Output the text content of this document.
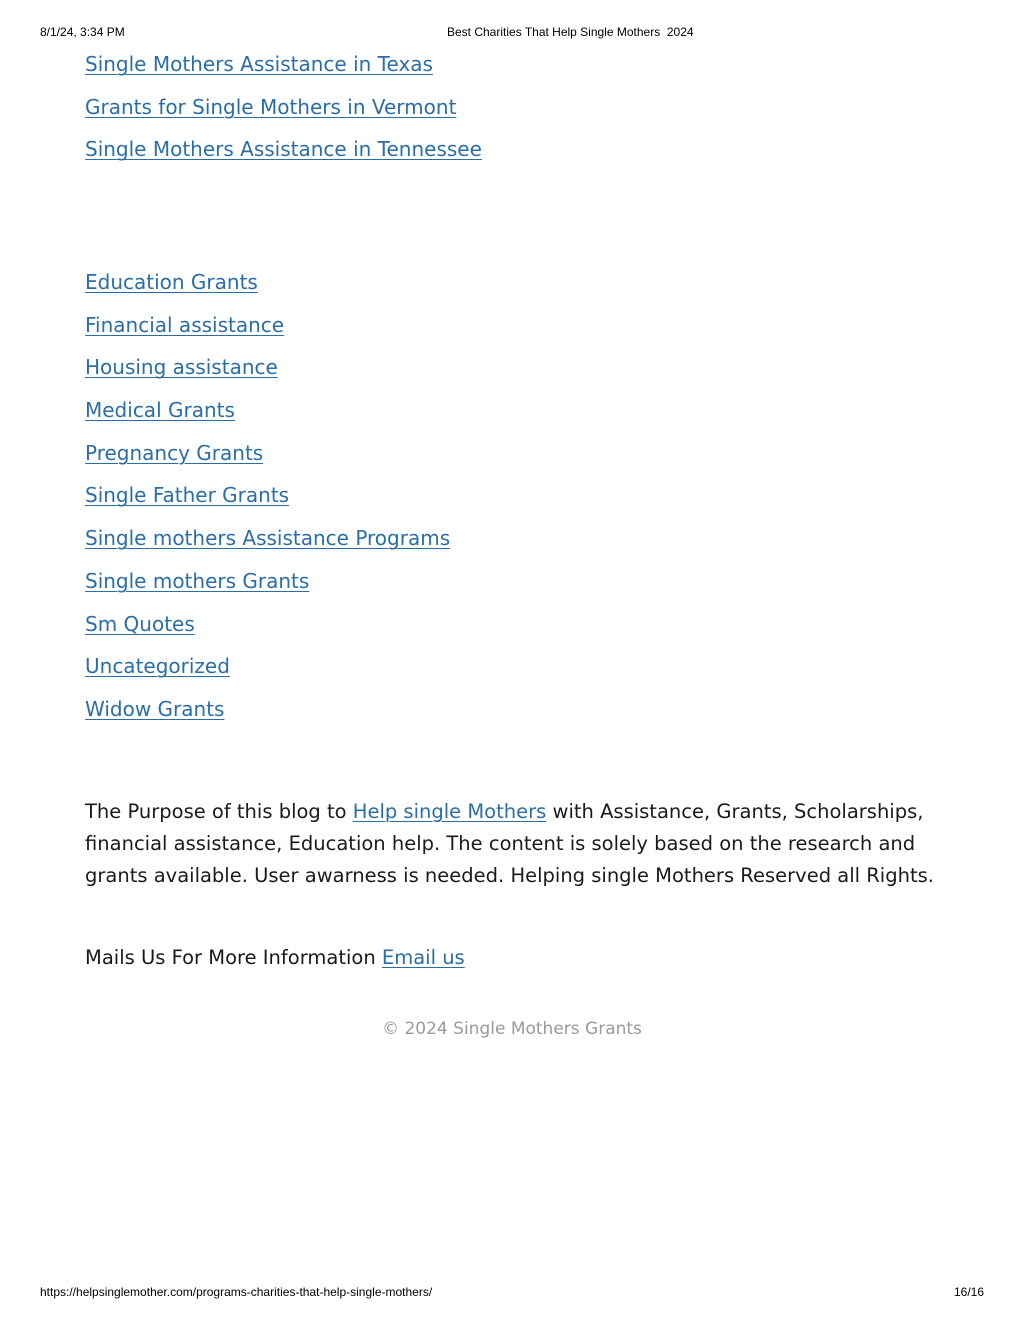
8/1/24, 3:34 PM	Best Charities That Help Single Mothers  2024
Single Mothers Assistance in Texas
Grants for Single Mothers in Vermont
Single Mothers Assistance in Tennessee
Education Grants
Financial assistance
Housing assistance
Medical Grants
Pregnancy Grants
Single Father Grants
Single mothers Assistance Programs
Single mothers Grants
Sm Quotes
Uncategorized
Widow Grants

The Purpose of this blog to Help single Mothers with Assistance, Grants, Scholarships, financial assistance, Education help. The content is solely based on the research and grants available. User awarness is needed. Helping single Mothers Reserved all Rights.

Mails Us For More Information Email us

© 2024 Single Mothers Grants
https://helpsinglemother.com/programs-charities-that-help-single-mothers/	16/16
